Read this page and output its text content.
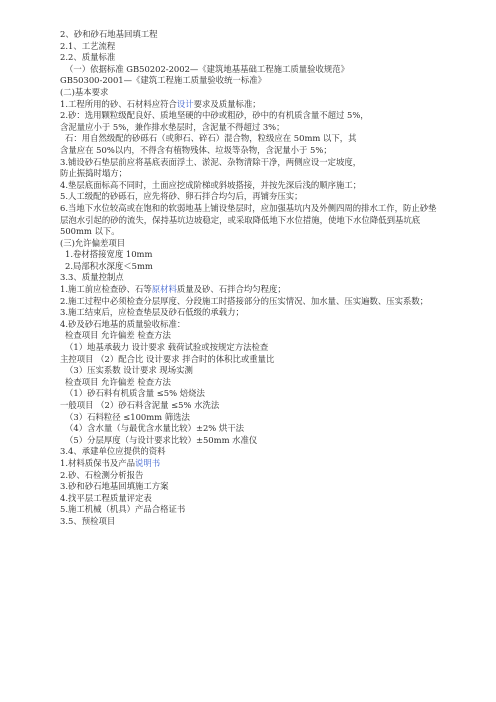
2、砂和砂石地基回填工程
2.1、工艺流程
2.2、质量标准
（一）依据标准 GB50202-2002—《建筑地基基础工程施工质量验收规范》
GB50300-2001—《建筑工程施工质量验收统一标准》
(二)基本要求
1.工程所用的砂、石材料应符合设计要求及质量标准；
2.砂：选用颗粒级配良好、质地坚硬的中砂或粗砂，砂中的有机质含量不超过 5%，
含泥量应小于 5%，兼作排水垫层时，含泥量不得超过 3%；
石：用自然级配的砂砾石（或卵石、碎石）混合物，粒级应在 50mm 以下，其
含量应在 50%以内，不得含有植物残体、垃圾等杂物，含泥量小于 5%；
3.铺设砂石垫层前应将基底表面浮土、淤泥、杂物清除干净，两侧应设一定坡度，
防止振捣时塌方；
4.垫层底面标高不同时，土面应挖成阶梯或斜坡搭接，并按先深后浅的顺序施工；
5.人工级配的砂砾石，应先将砂、卵石拌合均匀后，再铺夯压实；
6.当地下水位较高或在饱和的软弱地基上铺设垫层时，应加强基坑内及外侧四周的排水工作，防止砂垫层泡水引起的砂的流失，保持基坑边坡稳定，或采取降低地下水位措施，使地下水位降低到基坑底 500mm 以下。
(三)允许偏差项目
1.卷材搭接宽度 10mm
2.局部积水深度＜5mm
3.3、质量控制点
1.施工前应检查砂、石等原材料质量及砂、石拌合均匀程度；
2.施工过程中必须检查分层厚度、分段施工时搭接部分的压实情况、加水量、压实遍数、压实系数；
3.施工结束后，应检查垫层及砂石低级的承载力；
4.砂及砂石地基的质量验收标准：
检查项目 允许偏差 检查方法
（1）地基承载力 设计要求 载荷试验或按规定方法检查
主控项目 （2）配合比 设计要求 拌合时的体积比或重量比
（3）压实系数 设计要求 现场实测
检查项目 允许偏差 检查方法
（1）砂石料有机质含量 ≤5% 焙烧法
一般项目 （2）砂石料含泥量 ≤5% 水洗法
（3）石料粒径 ≤100mm 筛选法
（4）含水量（与最优含水量比较）±2% 烘干法
（5）分层厚度（与设计要求比较）±50mm 水准仪
3.4、承建单位应提供的资料
1.材料质保书及产品说明书
2.砂、石检测分析报告
3.砂和砂石地基回填施工方案
4.找平层工程质量评定表
5.施工机械（机具）产品合格证书
3.5、预检项目
